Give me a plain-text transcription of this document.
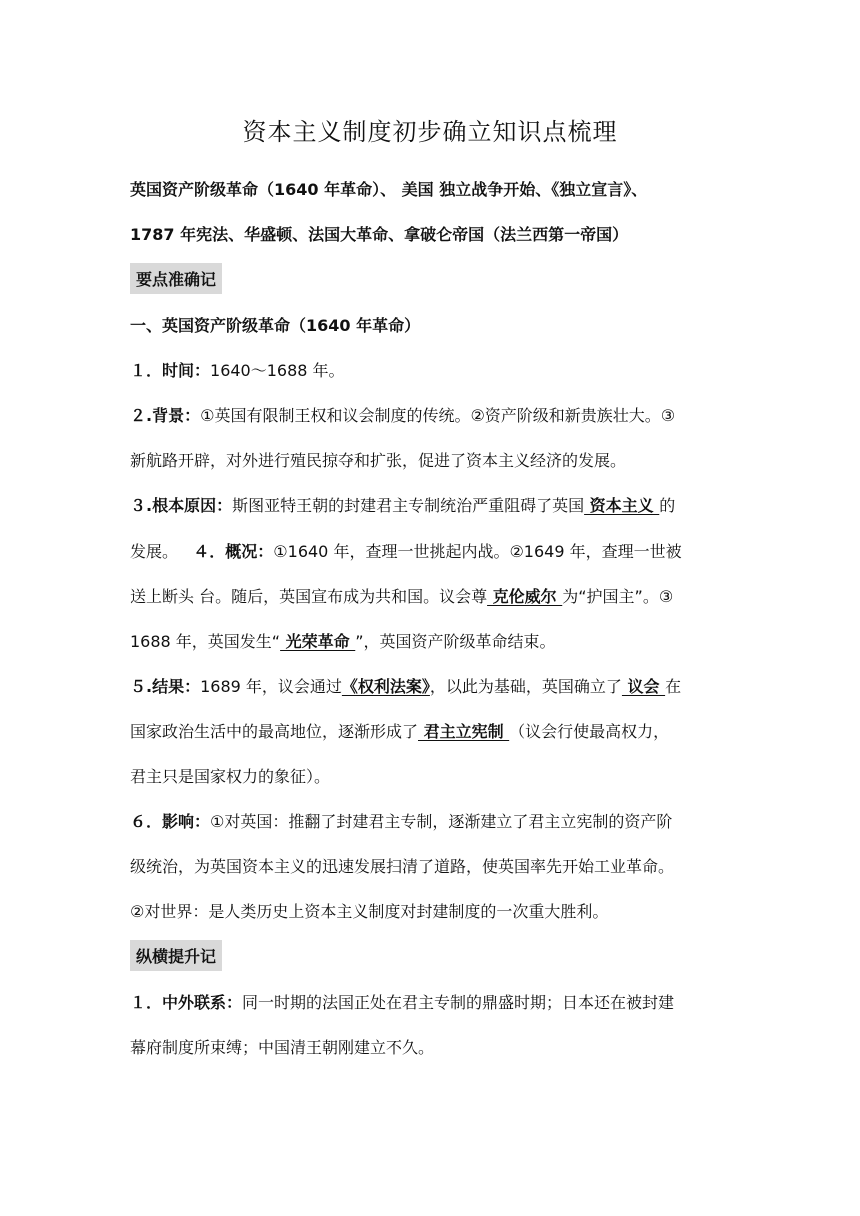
资本主义制度初步确立知识点梳理
英国资产阶级革命（1640 年革命）、 美国 独立战争开始、《独立宣言》、
1787 年宪法、华盛顿、法国大革命、拿破仑帝国（法兰西第一帝国）
要点准确记
一、英国资产阶级革命（1640 年革命）
１．时间：1640～1688 年。
２.背景：①英国有限制王权和议会制度的传统。②资产阶级和新贵族壮大。③
新航路开辟，对外进行殖民掠夺和扩张，促进了资本主义经济的发展。
３.根本原因：斯图亚特王朝的封建君主专制统治严重阻碍了英国 资本主义 的
发展。 ４．概况：①1640 年，查理一世挑起内战。②1649 年，查理一世被
送上断头 台。随后，英国宣布成为共和国。议会尊 克伦威尔 为“护国主”。③
1688 年，英国发生“ 光荣革命 ”，英国资产阶级革命结束。
５.结果：1689 年，议会通过《权利法案》，以此为基础，英国确立了 议会 在
国家政治生活中的最高地位，逐渐形成了 君主立宪制 （议会行使最高权力，
君主只是国家权力的象征）。
６．影响：①对英国：推翻了封建君主专制，逐渐建立了君主立宪制的资产阶
级统治，为英国资本主义的迅速发展扫清了道路，使英国率先开始工业革命。
②对世界：是人类历史上资本主义制度对封建制度的一次重大胜利。
纵横提升记
１．中外联系：同一时期的法国正处在君主专制的鼎盛时期；日本还在被封建
幕府制度所束缚；中国清王朝刚建立不久。
